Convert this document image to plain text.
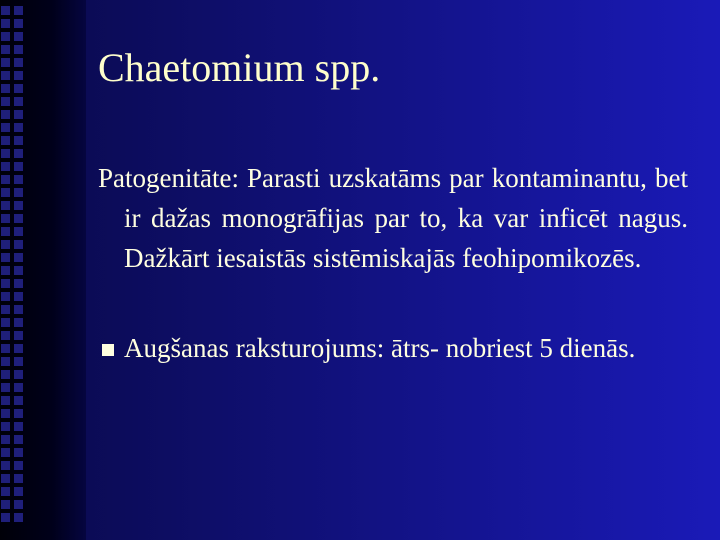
Chaetomium spp.

Patogenitāte: Parasti uzskatāms par kontaminantu, bet ir dažas monogrāfijas par to, ka var inficēt nagus. Dažkārt iesaistās sistēmiskajās feohipomikozēs.

Augšanas raksturojums: ātrs- nobriest 5 dienās.
